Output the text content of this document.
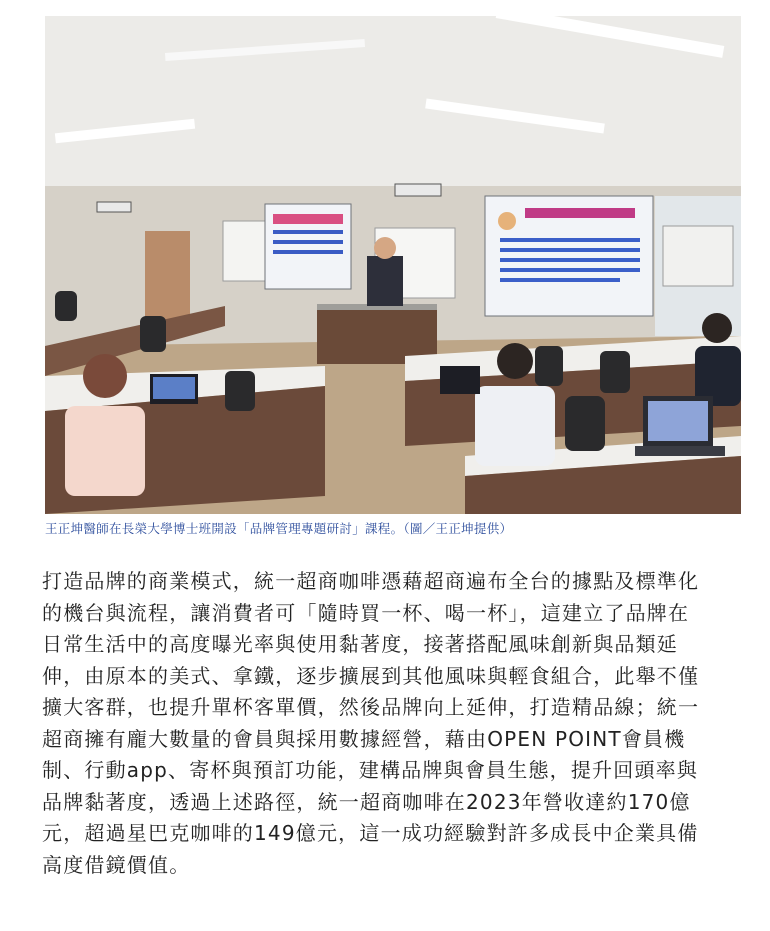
王正坤醫師在長榮大學博士班開設「品牌管理專題研討」課程。（圖／王正坤提供）

打造品牌的商業模式，統一超商咖啡憑藉超商遍布全台的據點及標準化
的機台與流程，讓消費者可「隨時買一杯、喝一杯」，這建立了品牌在
日常生活中的高度曝光率與使用黏著度，接著搭配風味創新與品類延
伸，由原本的美式、拿鐵，逐步擴展到其他風味與輕食組合，此舉不僅
擴大客群，也提升單杯客單價，然後品牌向上延伸，打造精品線；統一
超商擁有龐大數量的會員與採用數據經營，藉由OPEN POINT會員機
制、行動app、寄杯與預訂功能，建構品牌與會員生態，提升回頭率與
品牌黏著度，透過上述路徑，統一超商咖啡在2023年營收達約170億
元，超過星巴克咖啡的149億元，這一成功經驗對許多成長中企業具備
高度借鏡價值。
